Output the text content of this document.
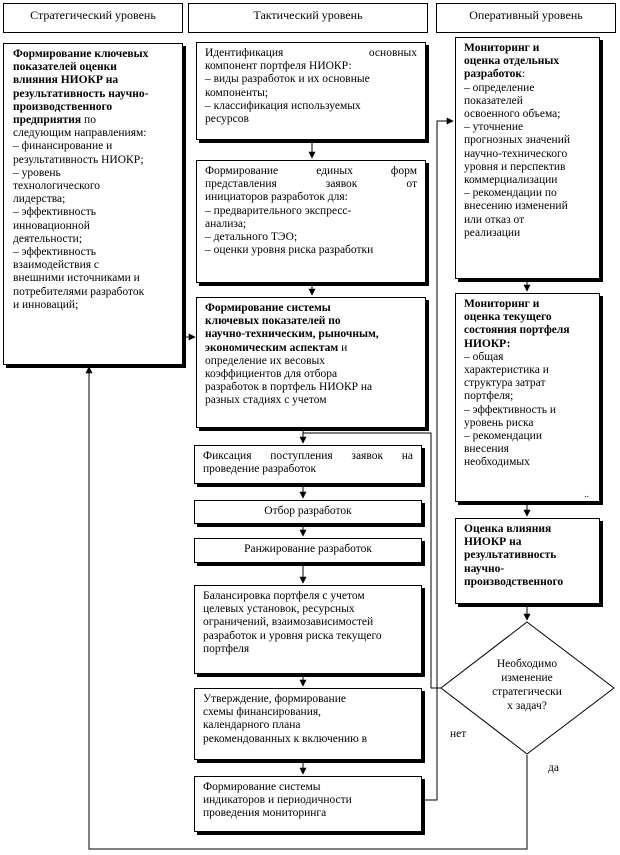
Стратегический уровень	Тактический уровень	Оперативный уровень
Формирование ключевых
показателей оценки
влияния НИОКР на
результативность научно-
производственного
предприятия по
следующим направлениям:
– финансирование и
результативность НИОКР;
– уровень
технологического
лидерства;
– эффективность
инновационной
деятельности;
– эффективность
взаимодействия с
внешними источниками и
потребителями разработок
и инноваций;
Идентификация основных
компонент портфеля НИОКР:
– виды разработок и их основные
компоненты;
– классификация используемых
ресурсов
Формирование единых форм
представления заявок от
инициаторов разработок для:
– предварительного экспресс-
анализа;
– детального ТЭО;
– оценки уровня риска разработки
Формирование системы
ключевых показателей по
научно-техническим, рыночным,
экономическим аспектам и
определение их весовых
коэффициентов для отбора
разработок в портфель НИОКР на
разных стадиях с учетом
Фиксация поступления заявок на
проведение разработок
Отбор разработок
Ранжирование разработок
Балансировка портфеля с учетом
целевых установок, ресурсных
ограничений, взаимозависимостей
разработок и уровня риска текущего
портфеля
Утверждение, формирование
схемы финансирования,
календарного плана
рекомендованных к включению в
Формирование системы
индикаторов и периодичности
проведения мониторинга
Мониторинг и
оценка отдельных
разработок:
– определение
показателей
освоенного объема;
– уточнение
прогнозных значений
научно-технического
уровня и перспектив
коммерциализации
– рекомендации по
внесению изменений
или отказ от
реализации
Мониторинг и
оценка текущего
состояния портфеля
НИОКР:
– общая
характеристика и
структура затрат
портфеля;
– эффективность и
уровень риска
– рекомендации
внесения
необходимых
..
Оценка влияния
НИОКР на
результативность
научно-
производственного
Необходимо
изменение
стратегически
х задач?
нет
да
